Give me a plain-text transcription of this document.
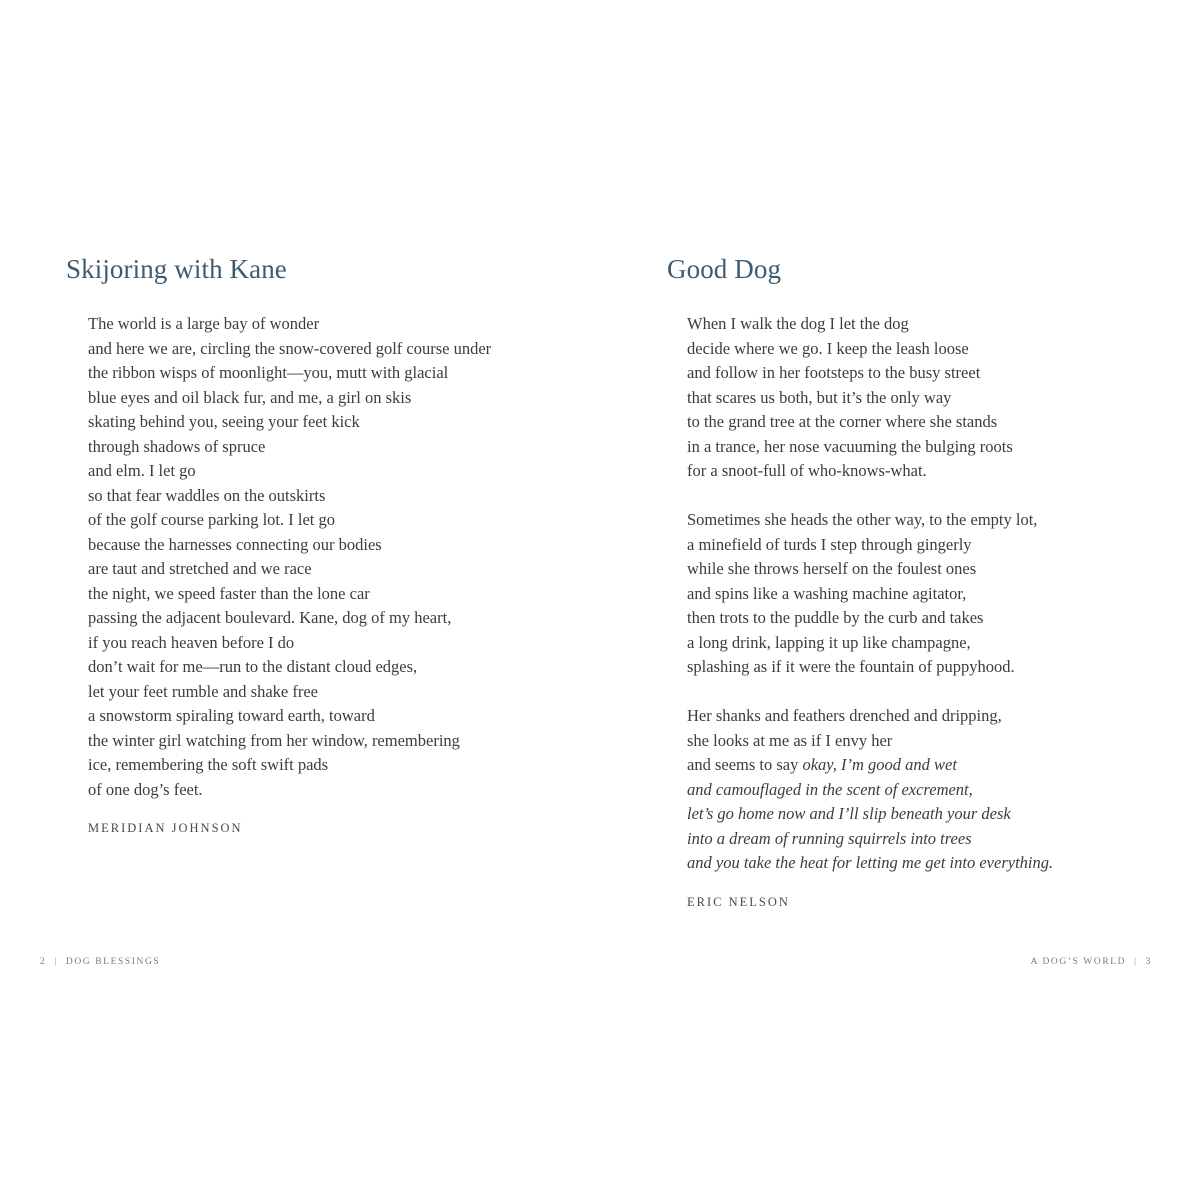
Skijoring with Kane
The world is a large bay of wonder
and here we are, circling the snow-covered golf course under
the ribbon wisps of moonlight—you, mutt with glacial
blue eyes and oil black fur, and me, a girl on skis
skating behind you, seeing your feet kick
through shadows of spruce
and elm. I let go
so that fear waddles on the outskirts
of the golf course parking lot. I let go
because the harnesses connecting our bodies
are taut and stretched and we race
the night, we speed faster than the lone car
passing the adjacent boulevard. Kane, dog of my heart,
if you reach heaven before I do
don’t wait for me—run to the distant cloud edges,
let your feet rumble and shake free
a snowstorm spiraling toward earth, toward
the winter girl watching from her window, remembering
ice, remembering the soft swift pads
of one dog’s feet.
MERIDIAN JOHNSON
2 | DOG BLESSINGS
Good Dog
When I walk the dog I let the dog
decide where we go. I keep the leash loose
and follow in her footsteps to the busy street
that scares us both, but it’s the only way
to the grand tree at the corner where she stands
in a trance, her nose vacuuming the bulging roots
for a snoot-full of who-knows-what.
Sometimes she heads the other way, to the empty lot,
a minefield of turds I step through gingerly
while she throws herself on the foulest ones
and spins like a washing machine agitator,
then trots to the puddle by the curb and takes
a long drink, lapping it up like champagne,
splashing as if it were the fountain of puppyhood.
Her shanks and feathers drenched and dripping,
she looks at me as if I envy her
and seems to say okay, I’m good and wet
and camouflaged in the scent of excrement,
let’s go home now and I’ll slip beneath your desk
into a dream of running squirrels into trees
and you take the heat for letting me get into everything.
ERIC NELSON
A DOG’S WORLD | 3
